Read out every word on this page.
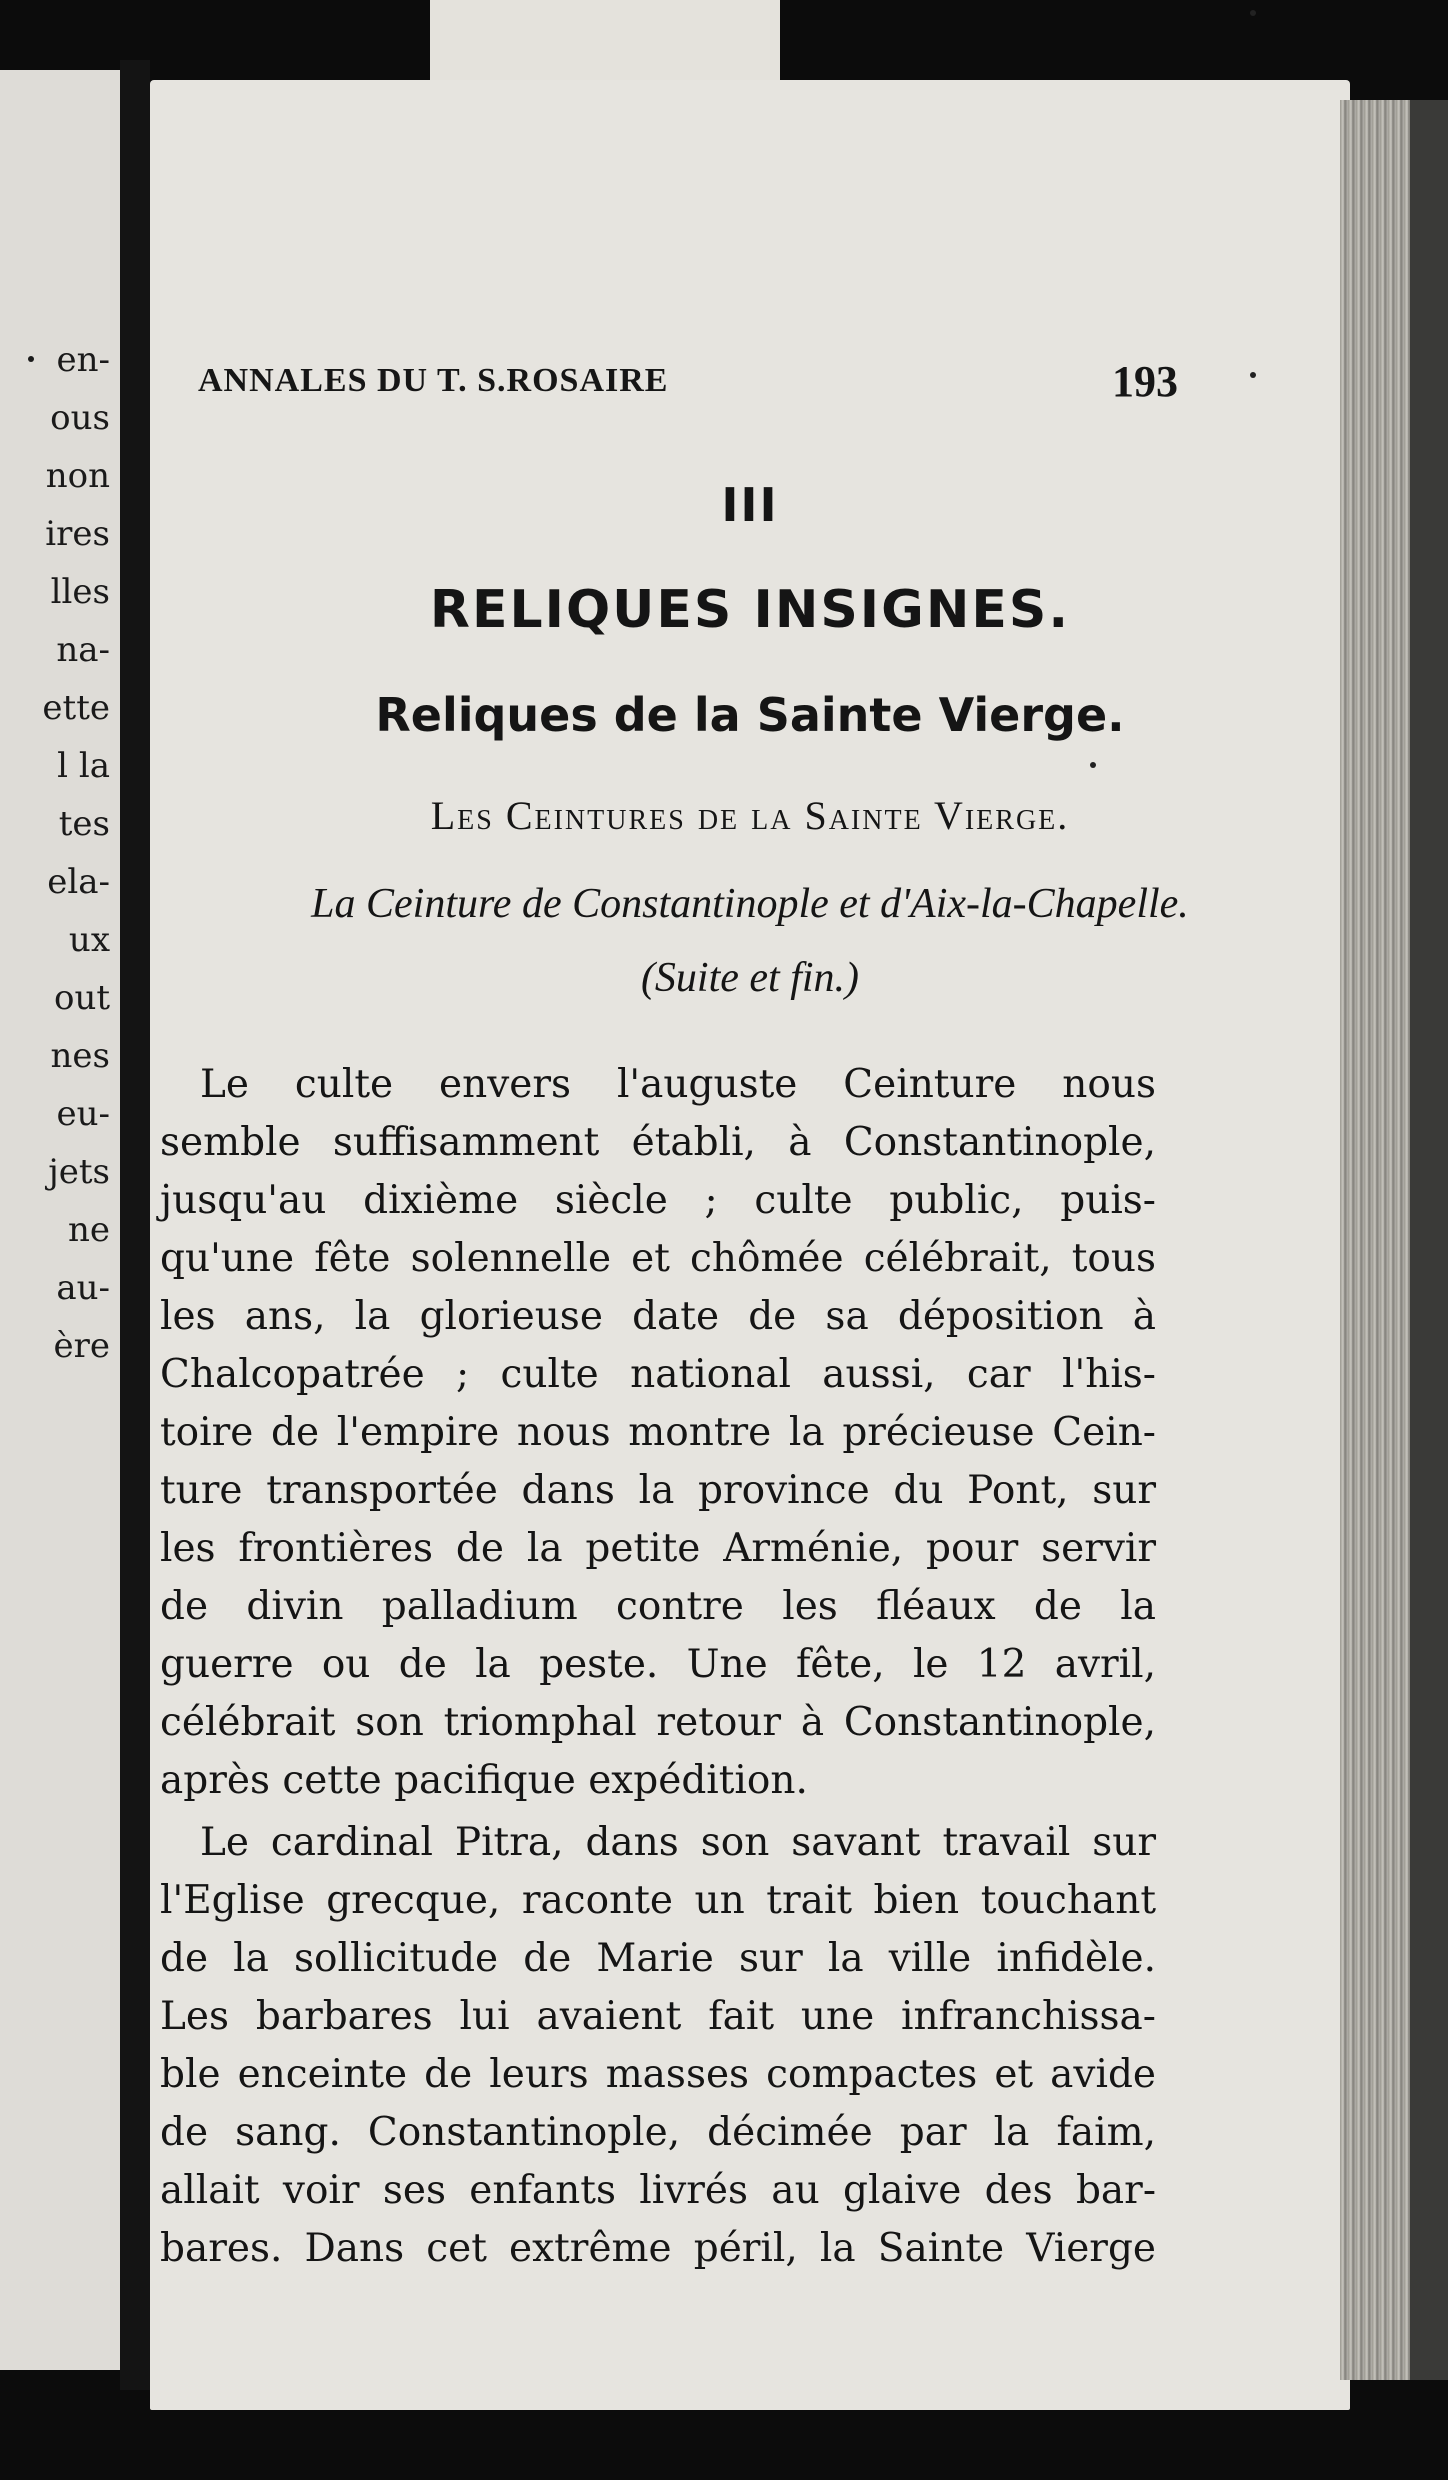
en-
ous
non
ires
lles
na-
ette
l la
tes
ela-
ux
out
nes
eu-
jets
ne
au-
ère
ANNALES DU T. S.ROSAIRE	193
III
RELIQUES INSIGNES.
Reliques de la Sainte Vierge.
Les Ceintures de la Sainte Vierge.
La Ceinture de Constantinople et d'Aix-la-Chapelle.
(Suite et fin.)
Le culte envers l'auguste Ceinture nous
semble suffisamment établi, à Constantinople,
jusqu'au dixième siècle ; culte public, puis-
qu'une fête solennelle et chômée célébrait, tous
les ans, la glorieuse date de sa déposition à
Chalcopatrée ; culte national aussi, car l'his-
toire de l'empire nous montre la précieuse Cein-
ture transportée dans la province du Pont, sur
les frontières de la petite Arménie, pour servir
de divin palladium contre les fléaux de la
guerre ou de la peste. Une fête, le 12 avril,
célébrait son triomphal retour à Constantinople,
après cette pacifique expédition.
Le cardinal Pitra, dans son savant travail sur
l'Eglise grecque, raconte un trait bien touchant
de la sollicitude de Marie sur la ville infidèle.
Les barbares lui avaient fait une infranchissa-
ble enceinte de leurs masses compactes et avide
de sang. Constantinople, décimée par la faim,
allait voir ses enfants livrés au glaive des bar-
bares. Dans cet extrême péril, la Sainte Vierge
